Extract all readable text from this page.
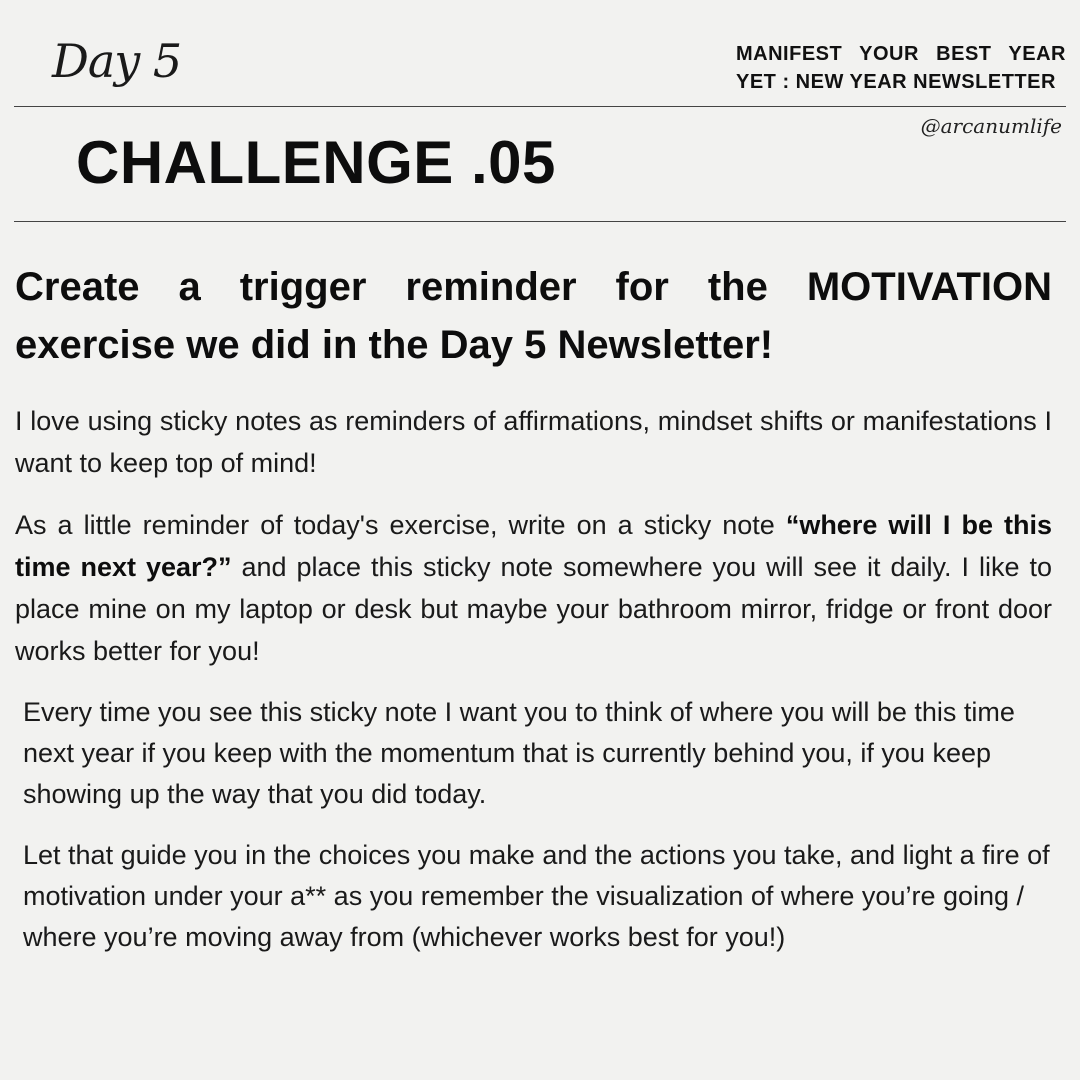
Day 5	MANIFEST YOUR BEST YEAR
YET : NEW YEAR NEWSLETTER
@arcanumlife
CHALLENGE .05

Create a trigger reminder for the MOTIVATION exercise we did in the Day 5 Newsletter!

I love using sticky notes as reminders of affirmations, mindset shifts or manifestations I want to keep top of mind!

As a little reminder of today's exercise, write on a sticky note “where will I be this time next year?” and place this sticky note somewhere you will see it daily. I like to place mine on my laptop or desk but maybe your bathroom mirror, fridge or front door works better for you!

Every time you see this sticky note I want you to think of where you will be this time next year if you keep with the momentum that is currently behind you, if you keep showing up the way that you did today.

Let that guide you in the choices you make and the actions you take, and light a fire of motivation under your a** as you remember the visualization of where you’re going / where you’re moving away from (whichever works best for you!)
